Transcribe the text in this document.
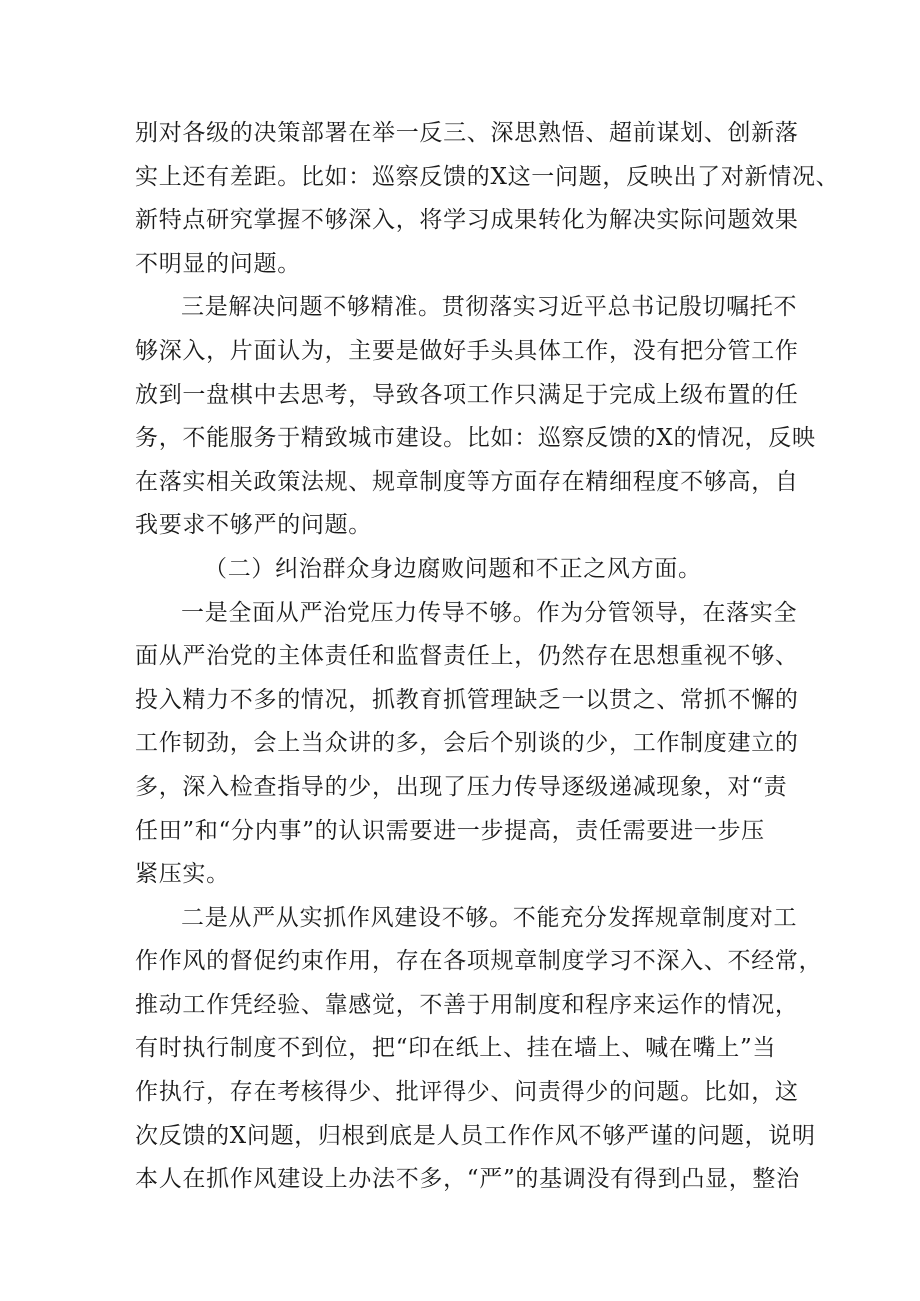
别对各级的决策部署在举一反三、深思熟悟、超前谋划、创新落
实上还有差距。比如：巡察反馈的X这一问题，反映出了对新情况、
新特点研究掌握不够深入，将学习成果转化为解决实际问题效果
不明显的问题。
三是解决问题不够精准。贯彻落实习近平总书记殷切嘱托不
够深入，片面认为，主要是做好手头具体工作，没有把分管工作
放到一盘棋中去思考，导致各项工作只满足于完成上级布置的任
务，不能服务于精致城市建设。比如：巡察反馈的X的情况，反映
在落实相关政策法规、规章制度等方面存在精细程度不够高，自
我要求不够严的问题。
（二）纠治群众身边腐败问题和不正之风方面。
一是全面从严治党压力传导不够。作为分管领导，在落实全
面从严治党的主体责任和监督责任上，仍然存在思想重视不够、
投入精力不多的情况，抓教育抓管理缺乏一以贯之、常抓不懈的
工作韧劲，会上当众讲的多，会后个别谈的少，工作制度建立的
多，深入检查指导的少，出现了压力传导逐级递减现象，对“责
任田”和“分内事”的认识需要进一步提高，责任需要进一步压
紧压实。
二是从严从实抓作风建设不够。不能充分发挥规章制度对工
作作风的督促约束作用，存在各项规章制度学习不深入、不经常，
推动工作凭经验、靠感觉，不善于用制度和程序来运作的情况，
有时执行制度不到位，把“印在纸上、挂在墙上、喊在嘴上”当
作执行，存在考核得少、批评得少、问责得少的问题。比如，这
次反馈的X问题，归根到底是人员工作作风不够严谨的问题，说明
本人在抓作风建设上办法不多，“严”的基调没有得到凸显，整治
